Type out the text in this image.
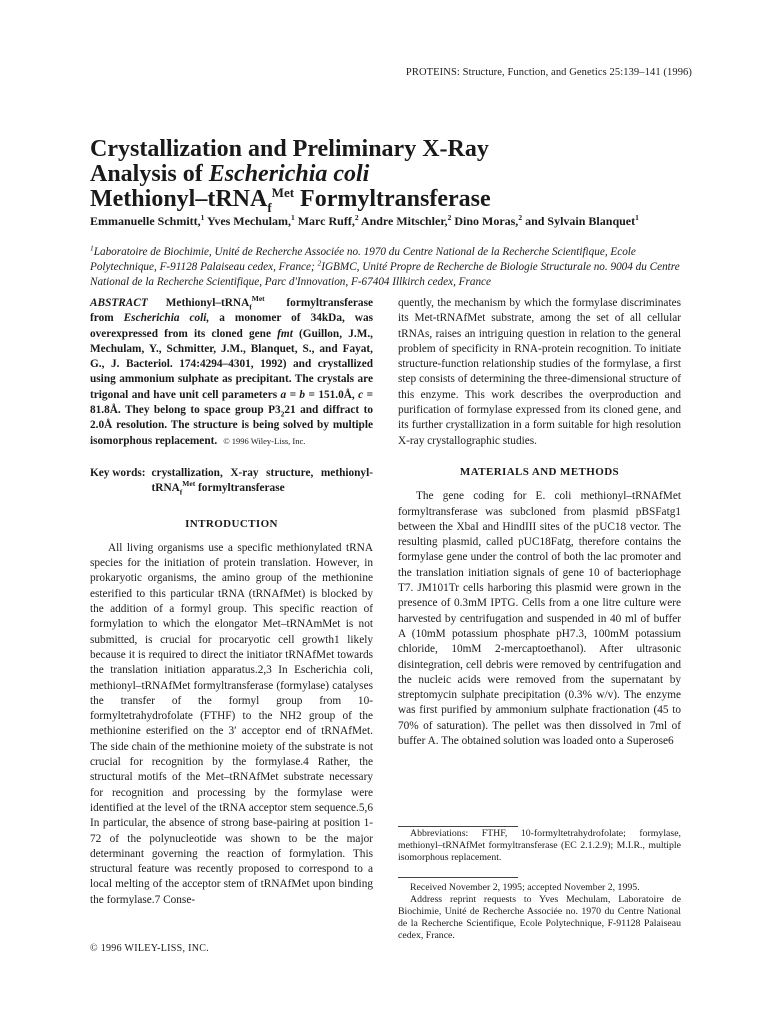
PROTEINS: Structure, Function, and Genetics 25:139–141 (1996)
Crystallization and Preliminary X-Ray
Analysis of Escherichia coli
Methionyl–tRNA$_f^{Met}$ Formyltransferase
Emmanuelle Schmitt,$^1$ Yves Mechulam,$^1$ Marc Ruff,$^2$ Andre Mitschler,$^2$ Dino Moras,$^2$ and Sylvain Blanquet$^1$
$^1$Laboratoire de Biochimie, Unité de Recherche Associée no. 1970 du Centre National de la Recherche Scientifique, Ecole Polytechnique, F-91128 Palaiseau cedex, France; $^2$IGBMC, Unité Propre de Recherche de Biologie Structurale no. 9004 du Centre National de la Recherche Scientifique, Parc d'Innovation, F-67404 Illkirch cedex, France
ABSTRACT Methionyl–tRNA$_f^{Met}$ formyltransferase from Escherichia coli, a monomer of 34kDa, was overexpressed from its cloned gene fmt (Guillon, J.M., Mechulam, Y., Schmitter, J.M., Blanquet, S., and Fayat, G., J. Bacteriol. 174:4294–4301, 1992) and crystallized using ammonium sulphate as precipitant. The crystals are trigonal and have unit cell parameters a = b = 151.0Å, c = 81.8Å. They belong to space group $P3_221$ and diffract to 2.0Å resolution. The structure is being solved by multiple isomorphous replacement. © 1996 Wiley-Liss, Inc.
Key words: crystallization, X-ray structure, methionyl-tRNA$_f^{Met}$ formyltransferase
INTRODUCTION

All living organisms use a specific methionylated tRNA species for the initiation of protein translation. However, in prokaryotic organisms, the amino group of the methionine esterified to this particular tRNA (tRNAfMet) is blocked by the addition of a formyl group. This specific reaction of formylation to which the elongator Met–tRNAmMet is not submitted, is crucial for procaryotic cell growth1 likely because it is required to direct the initiator tRNAfMet towards the translation initiation apparatus.2,3 In Escherichia coli, methionyl–tRNAfMet formyltransferase (formylase) catalyses the transfer of the formyl group from 10-formyltetrahydrofolate (FTHF) to the NH2 group of the methionine esterified on the 3′ acceptor end of tRNAfMet. The side chain of the methionine moiety of the substrate is not crucial for recognition by the formylase.4 Rather, the structural motifs of the Met–tRNAfMet substrate necessary for recognition and processing by the formylase were identified at the level of the tRNA acceptor stem sequence.5,6 In particular, the absence of strong base-pairing at position 1-72 of the polynucleotide was shown to be the major determinant governing the reaction of formylation. This structural feature was recently proposed to correspond to a local melting of the acceptor stem of tRNAfMet upon binding the formylase.7 Conse-

quently, the mechanism by which the formylase discriminates its Met-tRNAfMet substrate, among the set of all cellular tRNAs, raises an intriguing question in relation to the general problem of specificity in RNA-protein recognition. To initiate structure-function relationship studies of the formylase, a first step consists of determining the three-dimensional structure of this enzyme. This work describes the overproduction and purification of formylase expressed from its cloned gene, and its further crystallization in a form suitable for high resolution X-ray crystallographic studies.

MATERIALS AND METHODS

The gene coding for E. coli methionyl–tRNAfMet formyltransferase was subcloned from plasmid pBSFatg1 between the XbaI and HindIII sites of the pUC18 vector. The resulting plasmid, called pUC18Fatg, therefore contains the formylase gene under the control of both the lac promoter and the translation initiation signals of gene 10 of bacteriophage T7. JM101Tr cells harboring this plasmid were grown in the presence of 0.3mM IPTG. Cells from a one litre culture were harvested by centrifugation and suspended in 40 ml of buffer A (10mM potassium phosphate pH7.3, 100mM potassium chloride, 10mM 2-mercaptoethanol). After ultrasonic disintegration, cell debris were removed by centrifugation and the nucleic acids were removed from the supernatant by streptomycin sulphate precipitation (0.3% w/v). The enzyme was first purified by ammonium sulphate fractionation (45 to 70% of saturation). The pellet was then dissolved in 7ml of buffer A. The obtained solution was loaded onto a Superose6

Abbreviations: FTHF, 10-formyltetrahydrofolate; formylase, methionyl–tRNAfMet formyltransferase (EC 2.1.2.9); M.I.R., multiple isomorphous replacement.

Received November 2, 1995; accepted November 2, 1995.

Address reprint requests to Yves Mechulam, Laboratoire de Biochimie, Unité de Recherche Associée no. 1970 du Centre National de la Recherche Scientifique, Ecole Polytechnique, F-91128 Palaiseau cedex, France.

© 1996 WILEY-LISS, INC.
